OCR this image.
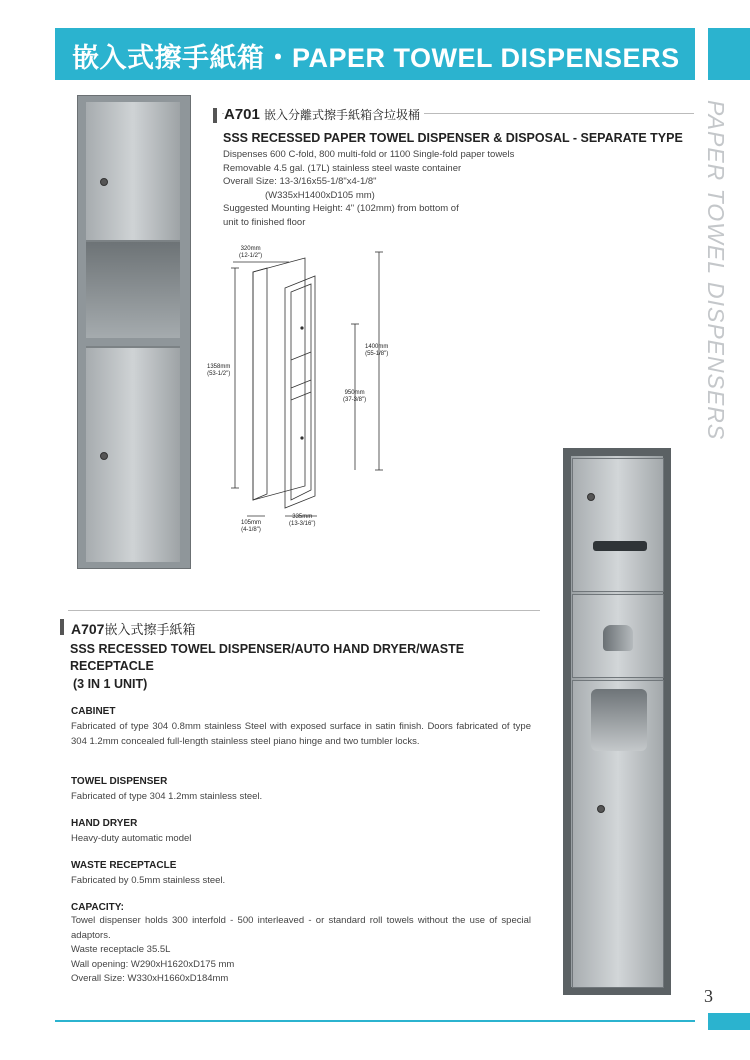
嵌入式擦手紙箱・PAPER TOWEL DISPENSERS
PAPER TOWEL DISPENSERS
A701 嵌入分離式擦手紙箱含垃圾桶
SSS RECESSED PAPER TOWEL DISPENSER & DISPOSAL - SEPARATE TYPE
Dispenses 600 C-fold, 800 multi-fold or 1100 Single-fold paper towels
Removable 4.5 gal. (17L) stainless steel waste container
Overall Size: 13-3/16x55-1/8"x4-1/8"
(W335xH1400xD105 mm)
Suggested Mounting Height: 4" (102mm) from bottom of
unit to finished floor
320mm
(12-1/2")
1358mm
(53-1/2")
1400mm
(55-1/8")
950mm
(37-3/8")
105mm
(4-1/8")
335mm
(13-3/16")
A707嵌入式擦手紙箱
SSS RECESSED TOWEL DISPENSER/AUTO HAND DRYER/WASTE RECEPTACLE
(3 IN 1 UNIT)
CABINET
Fabricated of type 304 0.8mm stainless Steel with exposed surface in satin finish. Doors fabricated of type 304 1.2mm concealed full-length stainless steel piano hinge and two tumbler locks.
TOWEL DISPENSER
Fabricated of type 304 1.2mm stainless steel.
HAND DRYER
Heavy-duty automatic model
WASTE RECEPTACLE
Fabricated by 0.5mm stainless steel.
CAPACITY:
Towel dispenser holds 300 interfold - 500 interleaved - or standard roll towels without the use of special adaptors.
Waste receptacle 35.5L
Wall opening: W290xH1620xD175 mm
Overall Size: W330xH1660xD184mm
3
